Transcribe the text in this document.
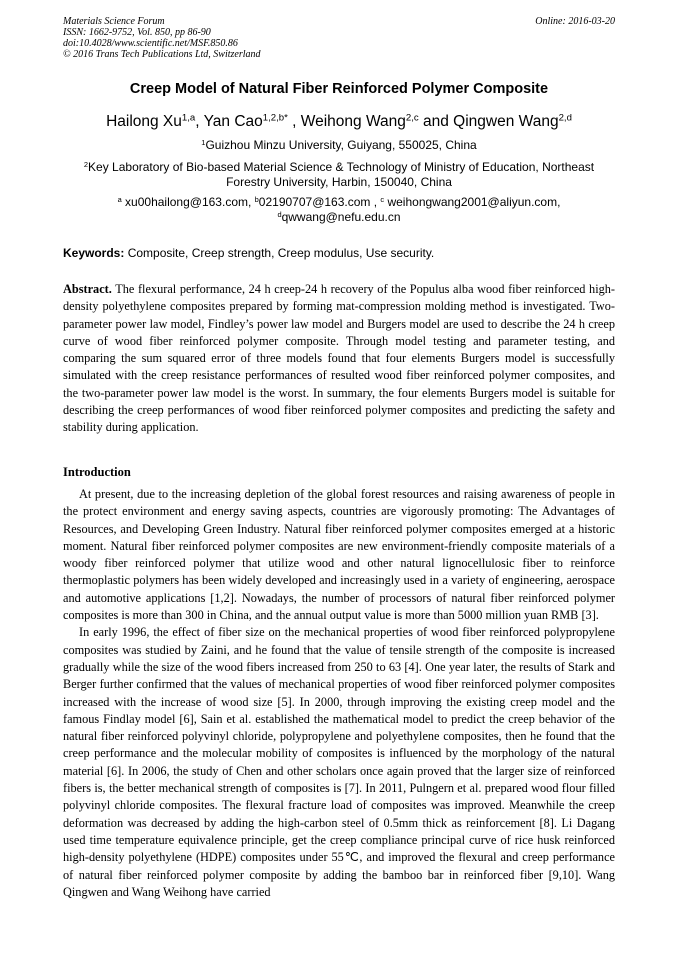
Materials Science Forum
ISSN: 1662-9752, Vol. 850, pp 86-90
doi:10.4028/www.scientific.net/MSF.850.86
© 2016 Trans Tech Publications Ltd, Switzerland
Online: 2016-03-20
Creep Model of Natural Fiber Reinforced Polymer Composite
Hailong Xu$^{1,a}$, Yan Cao$^{1,2,b*}$ , Weihong Wang$^{2,c}$ and Qingwen Wang$^{2,d}$
$^1$Guizhou Minzu University, Guiyang, 550025, China
$^2$Key Laboratory of Bio-based Material Science & Technology of Ministry of Education, Northeast Forestry University, Harbin, 150040, China
$^a$ xu00hailong@163.com, $^b$02190707@163.com , $^c$ weihongwang2001@aliyun.com,
$^d$qwwang@nefu.edu.cn
Keywords: Composite, Creep strength, Creep modulus, Use security.

Abstract. The flexural performance, 24 h creep-24 h recovery of the Populus alba wood fiber reinforced high-density polyethylene composites prepared by forming mat-compression molding method is investigated. Two-parameter power law model, Findley’s power law model and Burgers model are used to describe the 24 h creep curve of wood fiber reinforced polymer composite. Through model testing and parameter testing, and comparing the sum squared error of three models found that four elements Burgers model is successfully simulated with the creep resistance performances of resulted wood fiber reinforced polymer composites, and the two-parameter power law model is the worst. In summary, the four elements Burgers model is suitable for describing the creep performances of wood fiber reinforced polymer composites and predicting the safety and stability during application.

Introduction

At present, due to the increasing depletion of the global forest resources and raising awareness of people in the protect environment and energy saving aspects, countries are vigorously promoting: The Advantages of Resources, and Developing Green Industry. Natural fiber reinforced polymer composites emerged at a historic moment. Natural fiber reinforced polymer composites are new environment-friendly composite materials of a woody fiber reinforced polymer that utilize wood and other natural lignocellulosic fiber to reinforce thermoplastic polymers has been widely developed and increasingly used in a variety of engineering, aerospace and automotive applications [1,2]. Nowadays, the number of processors of natural fiber reinforced polymer composites is more than 300 in China, and the annual output value is more than 5000 million yuan RMB [3].

In early 1996, the effect of fiber size on the mechanical properties of wood fiber reinforced polypropylene composites was studied by Zaini, and he found that the value of tensile strength of the composite is increased gradually while the size of the wood fibers increased from 250 to 63 [4]. One year later, the results of Stark and Berger further confirmed that the values of mechanical properties of wood fiber reinforced polymer composites increased with the increase of wood size [5]. In 2000, through improving the existing creep model and the famous Findlay model [6], Sain et al. established the mathematical model to predict the creep behavior of the natural fiber reinforced polyvinyl chloride, polypropylene and polyethylene composites, then he found that the creep performance and the molecular mobility of composites is influenced by the morphology of the natural material [6]. In 2006, the study of Chen and other scholars once again proved that the larger size of reinforced fibers is, the better mechanical strength of composites is [7]. In 2011, Pulngern et al. prepared wood flour filled polyvinyl chloride composites. The flexural fracture load of composites was improved. Meanwhile the creep deformation was decreased by adding the high-carbon steel of 0.5mm thick as reinforcement [8]. Li Dagang used time temperature equivalence principle, get the creep compliance principal curve of rice husk reinforced high-density polyethylene (HDPE) composites under 55℃, and improved the flexural and creep performance of natural fiber reinforced polymer composite by adding the bamboo bar in reinforced fiber [9,10]. Wang Qingwen and Wang Weihong have carried
